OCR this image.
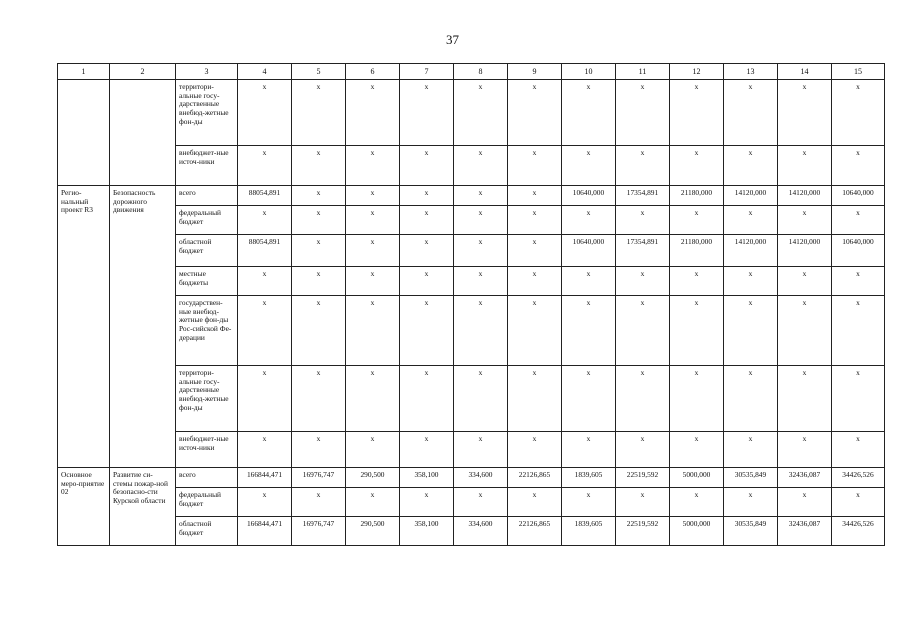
37
1	2	3	4	5	6	7	8	9	10	11	12	13	14	15
		территори-альные госу-дарственные внебюд-жетные фон-ды	x	x	x	x	x	x	x	x	x	x	x	x
		внебюджет-ные источ-ники	x	x	x	x	x	x	x	x	x	x	x	x
Регио-нальный проект R3	Безопасность дорожного движения	всего	88054,891	x	x	x	x	x	10640,000	17354,891	21180,000	14120,000	14120,000	10640,000
		федеральный бюджет	x	x	x	x	x	x	x	x	x	x	x	x
		областной бюджет	88054,891	x	x	x	x	x	10640,000	17354,891	21180,000	14120,000	14120,000	10640,000
		местные бюджеты	x	x	x	x	x	x	x	x	x	x	x	x
		государствен-ные внебюд-жетные фон-ды Рос-сийской Фе-дерации	x	x	x	x	x	x	x	x	x	x	x	x
		территори-альные госу-дарственные внебюд-жетные фон-ды	x	x	x	x	x	x	x	x	x	x	x	x
		внебюджет-ные источ-ники	x	x	x	x	x	x	x	x	x	x	x	x
Основное меро-приятие 02	Развитие си-стемы пожар-ной безопасно-сти Курской области	всего	166844,471	16976,747	290,500	358,100	334,600	22126,865	1839,605	22519,592	5000,000	30535,849	32436,087	34426,526
		федеральный бюджет	x	x	x	x	x	x	x	x	x	x	x	x
		областной бюджет	166844,471	16976,747	290,500	358,100	334,600	22126,865	1839,605	22519,592	5000,000	30535,849	32436,087	34426,526
